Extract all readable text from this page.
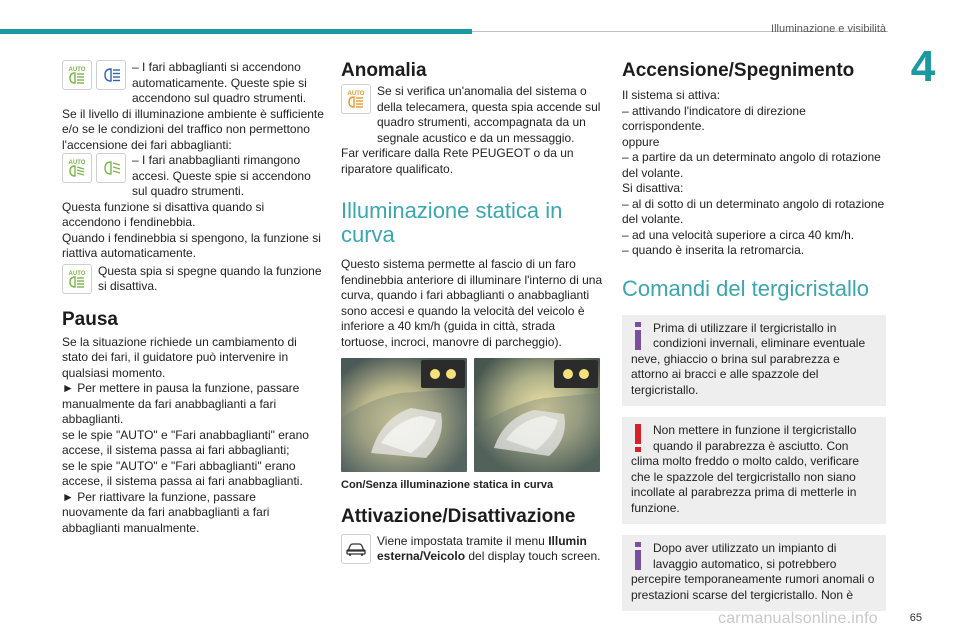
Illuminazione e visibilità
4
AUTO	– I fari abbaglianti si accendono automaticamente. Queste spie si accendono sul quadro strumenti.

Se il livello di illuminazione ambiente è sufficiente e/o se le condizioni del traffico non permettono l'accensione dei fari abbaglianti:

AUTO	– I fari anabbaglianti rimangono accesi. Queste spie si accendono sul quadro strumenti.

Questa funzione si disattiva quando si accendono i fendinebbia.

Quando i fendinebbia si spengono, la funzione si riattiva automaticamente.

AUTO Questa spia si spegne quando la funzione si disattiva.

Pausa

Se la situazione richiede un cambiamento di stato dei fari, il guidatore può intervenire in qualsiasi momento.

► Per mettere in pausa la funzione, passare manualmente da fari anabbaglianti a fari abbaglianti.

se le spie "AUTO" e "Fari anabbaglianti" erano accese, il sistema passa ai fari abbaglianti;

se le spie "AUTO" e "Fari abbaglianti" erano accese, il sistema passa ai fari anabbaglianti.

► Per riattivare la funzione, passare nuovamente da fari anabbaglianti a fari abbaglianti manualmente.

Anomalia
AUTO Se si verifica un'anomalia del sistema o della telecamera, questa spia accende sul quadro strumenti, accompagnata da un segnale acustico e da un messaggio.

Far verificare dalla Rete PEUGEOT o da un riparatore qualificato.

Illuminazione statica in curva

Questo sistema permette al fascio di un faro fendinebbia anteriore di illuminare l'interno di una curva, quando i fari abbaglianti o anabbaglianti sono accesi e quando la velocità del veicolo è inferiore a 40 km/h (guida in città, strada tortuose, incroci, manovre di parcheggio).

Con/Senza illuminazione statica in curva

Attivazione/Disattivazione

Viene impostata tramite il menu Illumin esterna/Veicolo del display touch screen.

Accensione/Spegnimento

Il sistema si attiva:

– attivando l'indicatore di direzione corrispondente.

oppure

– a partire da un determinato angolo di rotazione del volante.

Si disattiva:

– al di sotto di un determinato angolo di rotazione del volante.

– ad una velocità superiore a circa 40 km/h.

– quando è inserita la retromarcia.

Comandi del tergicristallo

Prima di utilizzare il tergicristallo in condizioni invernali, eliminare eventuale neve, ghiaccio o brina sul parabrezza e attorno ai bracci e alle spazzole del tergicristallo.

Non mettere in funzione il tergicristallo quando il parabrezza è asciutto. Con clima molto freddo o molto caldo, verificare che le spazzole del tergicristallo non siano incollate al parabrezza prima di metterle in funzione.

Dopo aver utilizzato un impianto di lavaggio automatico, si potrebbero percepire temporaneamente rumori anomali o prestazioni scarse del tergicristallo. Non è

carmanualsonline.info	65
